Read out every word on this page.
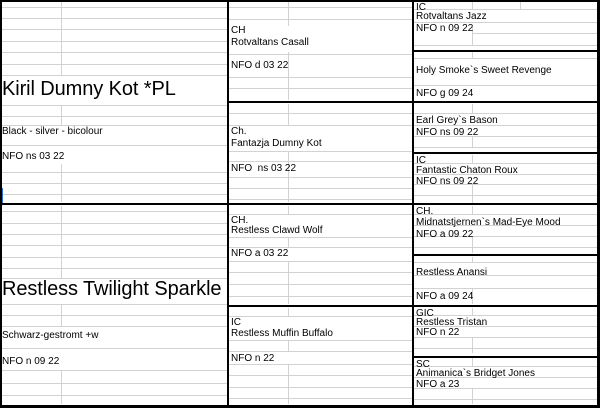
Kiril Dumny Kot *PL
Black - silver - bicolour
NFO ns 03 22
Restless Twilight Sparkle
Schwarz-gestromt +w
NFO n 09 22
CH
Rotvaltans Casall
NFO d 03 22
Ch.
Fantazja Dumny Kot
NFO  ns 03 22
CH.
Restless Clawd Wolf
NFO a 03 22
IC
Restless Muffin Buffalo
NFO n 22
IC
Rotvaltans Jazz
NFO n 09 22
Holy Smoke`s Sweet Revenge
NFO g 09 24
Earl Grey`s Bason
NFO ns 09 22
IC
Fantastic Chaton Roux
NFO ns 09 22
CH.
Midnatstjernen`s Mad-Eye Mood
NFO a 09 22
Restless Anansi
NFO a 09 24
GIC
Restless Tristan
NFO n 22
SC
Animanica`s Bridget Jones
NFO a 23
